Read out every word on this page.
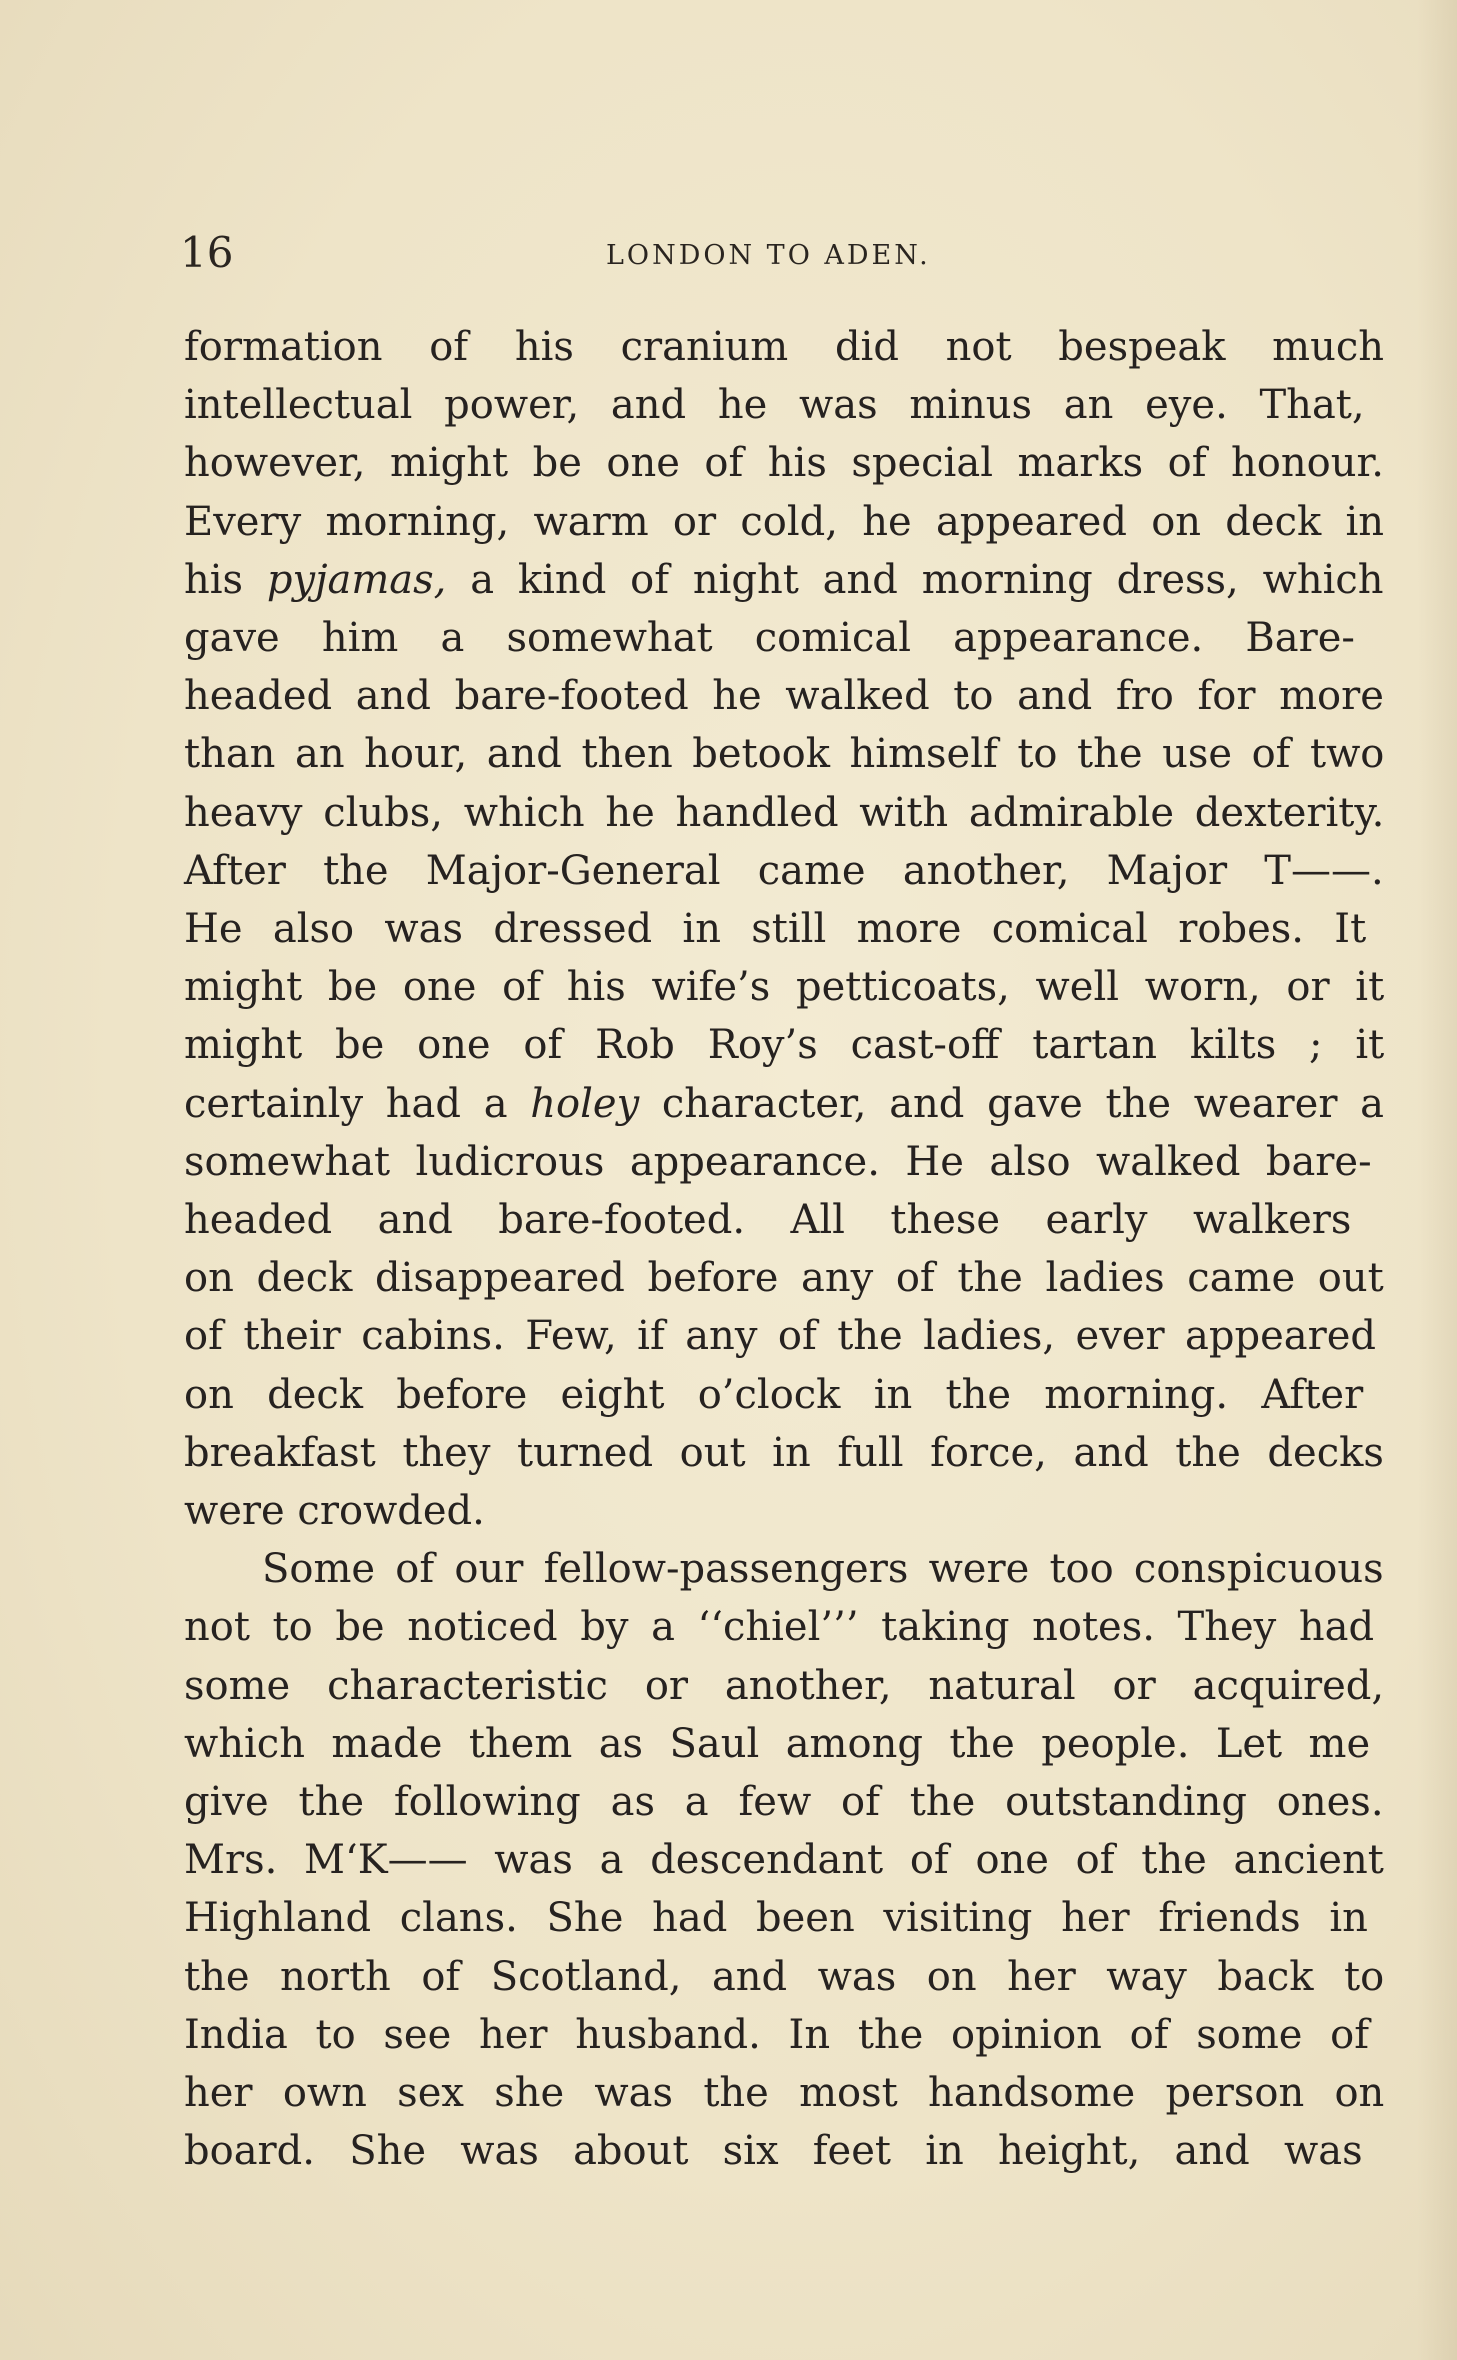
16	LONDON TO ADEN.
formation of his cranium did not bespeak much
intellectual power, and he was minus an eye. That,
however, might be one of his special marks of honour.
Every morning, warm or cold, he appeared on deck in
his pyjamas, a kind of night and morning dress, which
gave him a somewhat comical appearance. Bare-
headed and bare-footed he walked to and fro for more
than an hour, and then betook himself to the use of two
heavy clubs, which he handled with admirable dexterity.
After the Major-General came another, Major T——.
He also was dressed in still more comical robes. It
might be one of his wife’s petticoats, well worn, or it
might be one of Rob Roy’s cast-off tartan kilts ; it
certainly had a holey character, and gave the wearer a
somewhat ludicrous appearance. He also walked bare-
headed and bare-footed. All these early walkers
on deck disappeared before any of the ladies came out
of their cabins. Few, if any of the ladies, ever appeared
on deck before eight o’clock in the morning. After
breakfast they turned out in full force, and the decks
were crowded.
Some of our fellow-passengers were too conspicuous
not to be noticed by a ‘‘chiel’’’ taking notes. They had
some characteristic or another, natural or acquired,
which made them as Saul among the people. Let me
give the following as a few of the outstanding ones.
Mrs. M‘K—— was a descendant of one of the ancient
Highland clans. She had been visiting her friends in
the north of Scotland, and was on her way back to
India to see her husband. In the opinion of some of
her own sex she was the most handsome person on
board. She was about six feet in height, and was
